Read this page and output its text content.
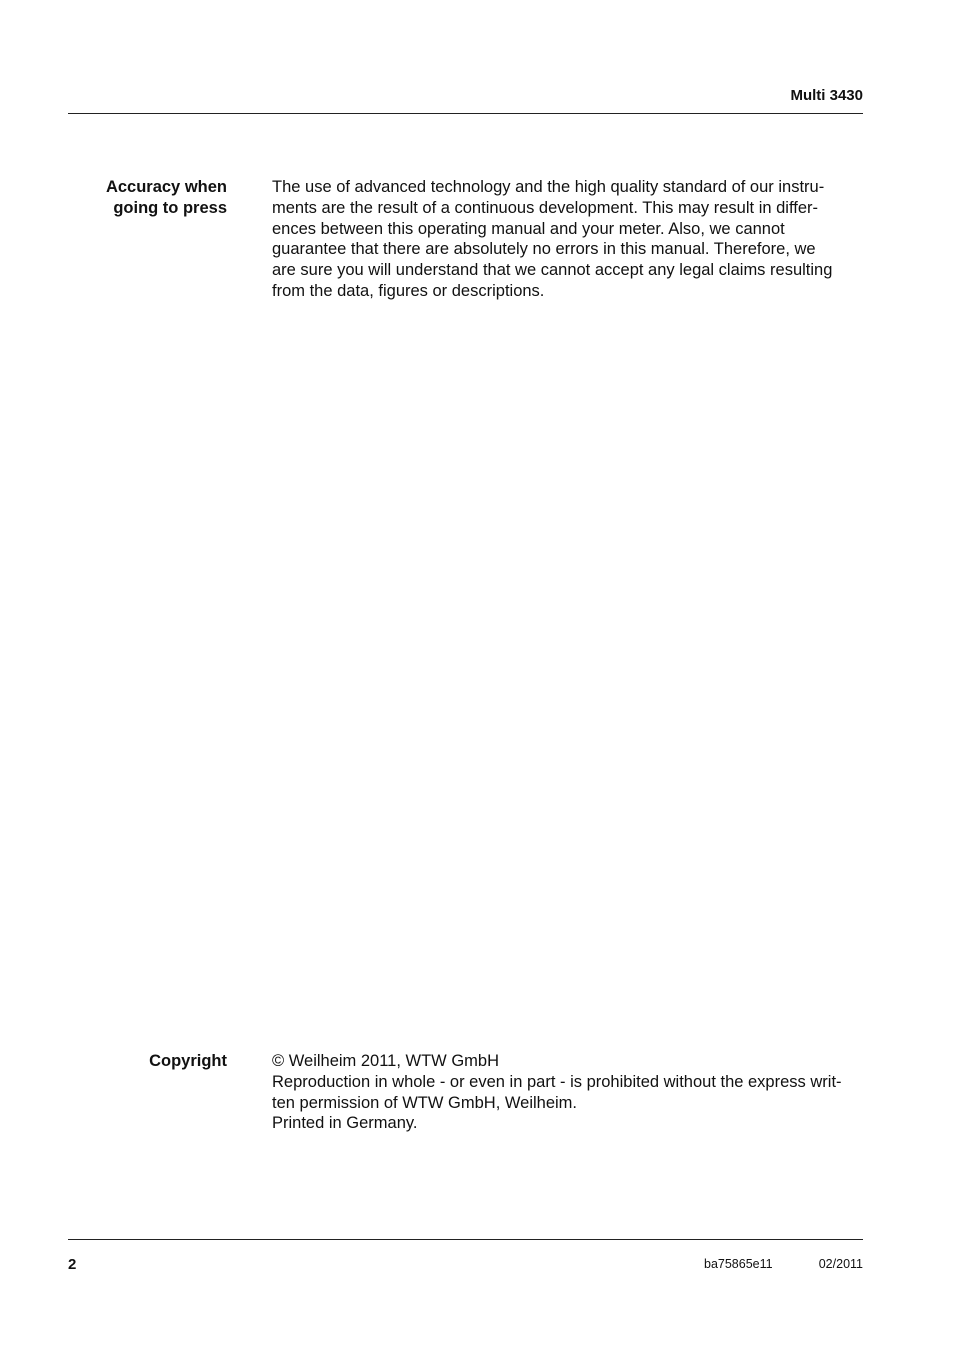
Multi 3430
Accuracy when
going to press
The use of advanced technology and the high quality standard of our instru-
ments are the result of a continuous development. This may result in differ-
ences between this operating manual and your meter. Also, we cannot
guarantee that there are absolutely no errors in this manual. Therefore, we
are sure you will understand that we cannot accept any legal claims resulting
from the data, figures or descriptions.
Copyright	© Weilheim 2011, WTW GmbH
Reproduction in whole - or even in part - is prohibited without the express writ-
ten permission of WTW GmbH, Weilheim.
Printed in Germany.
2	ba75865e11	02/2011
